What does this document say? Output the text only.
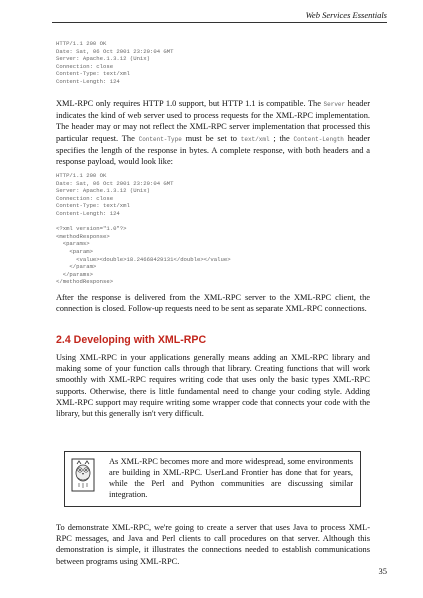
Web Services Essentials
HTTP/1.1 200 OK
Date: Sat, 06 Oct 2001 23:20:04 GMT
Server: Apache.1.3.12 (Unix)
Connection: close
Content-Type: text/xml
Content-Length: 124
XML-RPC only requires HTTP 1.0 support, but HTTP 1.1 is compatible. The Server header indicates the kind of web server used to process requests for the XML-RPC implementation. The header may or may not reflect the XML-RPC server implementation that processed this particular request. The Content-Type must be set to text/xml ; the Content-Length header specifies the length of the response in bytes. A complete response, with both headers and a response payload, would look like:
HTTP/1.1 200 OK
Date: Sat, 06 Oct 2001 23:20:04 GMT
Server: Apache.1.3.12 (Unix)
Connection: close
Content-Type: text/xml
Content-Length: 124

<?xml version="1.0"?>
<methodResponse>
<params>
<param>
<value><double>18.24668429131</double></value>
</param>
</params>
</methodResponse>
After the response is delivered from the XML-RPC server to the XML-RPC client, the connection is closed. Follow-up requests need to be sent as separate XML-RPC connections.
2.4 Developing with XML-RPC
Using XML-RPC in your applications generally means adding an XML-RPC library and making some of your function calls through that library. Creating functions that will work smoothly with XML-RPC requires writing code that uses only the basic types XML-RPC supports. Otherwise, there is little fundamental need to change your coding style. Adding XML-RPC support may require writing some wrapper code that connects your code with the library, but this generally isn't very difficult.
As XML-RPC becomes more and more widespread, some environments are building in XML-RPC. UserLand Frontier has done that for years, while the Perl and Python communities are discussing similar integration.
To demonstrate XML-RPC, we're going to create a server that uses Java to process XML-RPC messages, and Java and Perl clients to call procedures on that server. Although this demonstration is simple, it illustrates the connections needed to establish communications between programs using XML-RPC.
35
